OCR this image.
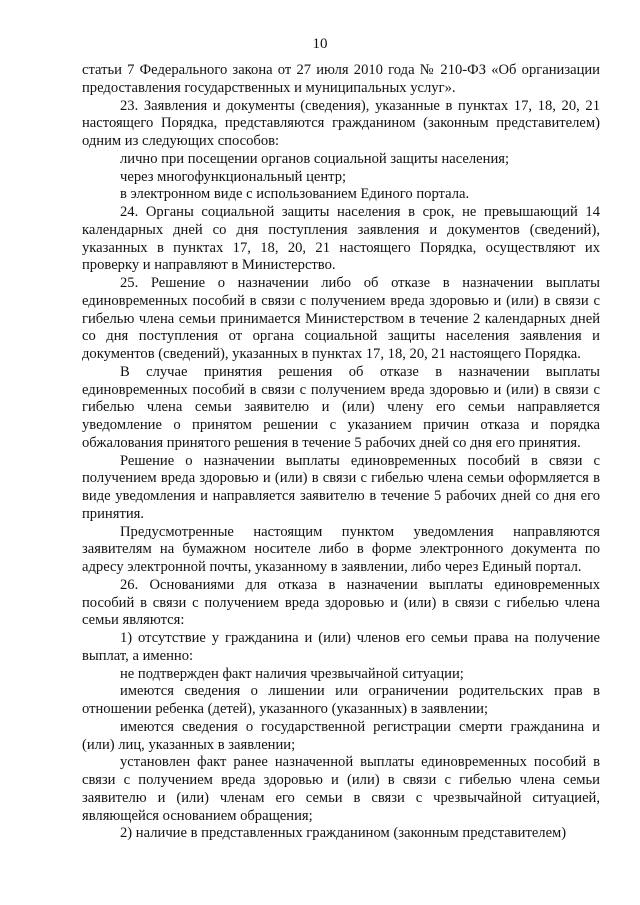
10

статьи 7 Федерального закона от 27 июля 2010 года № 210-ФЗ «Об организации предоставления государственных и муниципальных услуг».

23. Заявления и документы (сведения), указанные в пунктах 17, 18, 20, 21 настоящего Порядка, представляются гражданином (законным представителем) одним из следующих способов:

лично при посещении органов социальной защиты населения;

через многофункциональный центр;

в электронном виде с использованием Единого портала.

24. Органы социальной защиты населения в срок, не превышающий 14 календарных дней со дня поступления заявления и документов (сведений), указанных в пунктах 17, 18, 20, 21 настоящего Порядка, осуществляют их проверку и направляют в Министерство.

25. Решение о назначении либо об отказе в назначении выплаты единовременных пособий в связи с получением вреда здоровью и (или) в связи с гибелью члена семьи принимается Министерством в течение 2 календарных дней со дня поступления от органа социальной защиты населения заявления и документов (сведений), указанных в пунктах 17, 18, 20, 21 настоящего Порядка.

В случае принятия решения об отказе в назначении выплаты единовременных пособий в связи с получением вреда здоровью и (или) в связи с гибелью члена семьи заявителю и (или) члену его семьи направляется уведомление о принятом решении с указанием причин отказа и порядка обжалования принятого решения в течение 5 рабочих дней со дня его принятия.

Решение о назначении выплаты единовременных пособий в связи с получением вреда здоровью и (или) в связи с гибелью члена семьи оформляется в виде уведомления и направляется заявителю в течение 5 рабочих дней со дня его принятия.

Предусмотренные настоящим пунктом уведомления направляются заявителям на бумажном носителе либо в форме электронного документа по адресу электронной почты, указанному в заявлении, либо через Единый портал.

26. Основаниями для отказа в назначении выплаты единовременных пособий в связи с получением вреда здоровью и (или) в связи с гибелью члена семьи являются:

1) отсутствие у гражданина и (или) членов его семьи права на получение выплат, а именно:

не подтвержден факт наличия чрезвычайной ситуации;

имеются сведения о лишении или ограничении родительских прав в отношении ребенка (детей), указанного (указанных) в заявлении;

имеются сведения о государственной регистрации смерти гражданина и (или) лиц, указанных в заявлении;

установлен факт ранее назначенной выплаты единовременных пособий в связи с получением вреда здоровью и (или) в связи с гибелью члена семьи заявителю и (или) членам его семьи в связи с чрезвычайной ситуацией, являющейся основанием обращения;

2) наличие в представленных гражданином (законным представителем)
